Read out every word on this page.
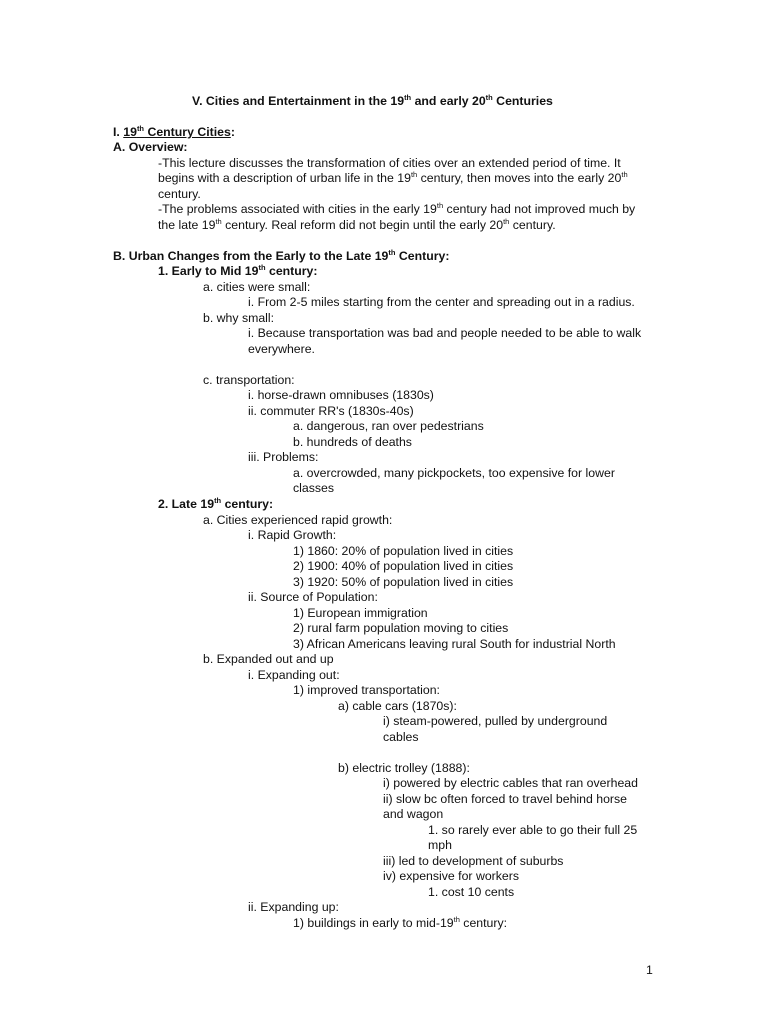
V. Cities and Entertainment in the 19th and early 20th Centuries
I. 19th Century Cities:
A. Overview:
-This lecture discusses the transformation of cities over an extended period of time. It
begins with a description of urban life in the 19th century, then moves into the early 20th
century.
-The problems associated with cities in the early 19th century had not improved much by
the late 19th century. Real reform did not begin until the early 20th century.
B. Urban Changes from the Early to the Late 19th Century:
1. Early to Mid 19th century:
a. cities were small:
i. From 2-5 miles starting from the center and spreading out in a radius.
b. why small:
i. Because transportation was bad and people needed to be able to walk
everywhere.
c. transportation:
i. horse-drawn omnibuses (1830s)
ii. commuter RR's (1830s-40s)
a. dangerous, ran over pedestrians
b. hundreds of deaths
iii. Problems:
a. overcrowded, many pickpockets, too expensive for lower
classes
2. Late 19th century:
a. Cities experienced rapid growth:
i. Rapid Growth:
1) 1860: 20% of population lived in cities
2) 1900: 40% of population lived in cities
3) 1920: 50% of population lived in cities
ii. Source of Population:
1) European immigration
2) rural farm population moving to cities
3) African Americans leaving rural South for industrial North
b. Expanded out and up
i. Expanding out:
1) improved transportation:
a) cable cars (1870s):
i) steam-powered, pulled by underground
cables
b) electric trolley (1888):
i) powered by electric cables that ran overhead
ii) slow bc often forced to travel behind horse
and wagon
1. so rarely ever able to go their full 25
mph
iii) led to development of suburbs
iv) expensive for workers
1. cost 10 cents
ii. Expanding up:
1) buildings in early to mid-19th century:
1
